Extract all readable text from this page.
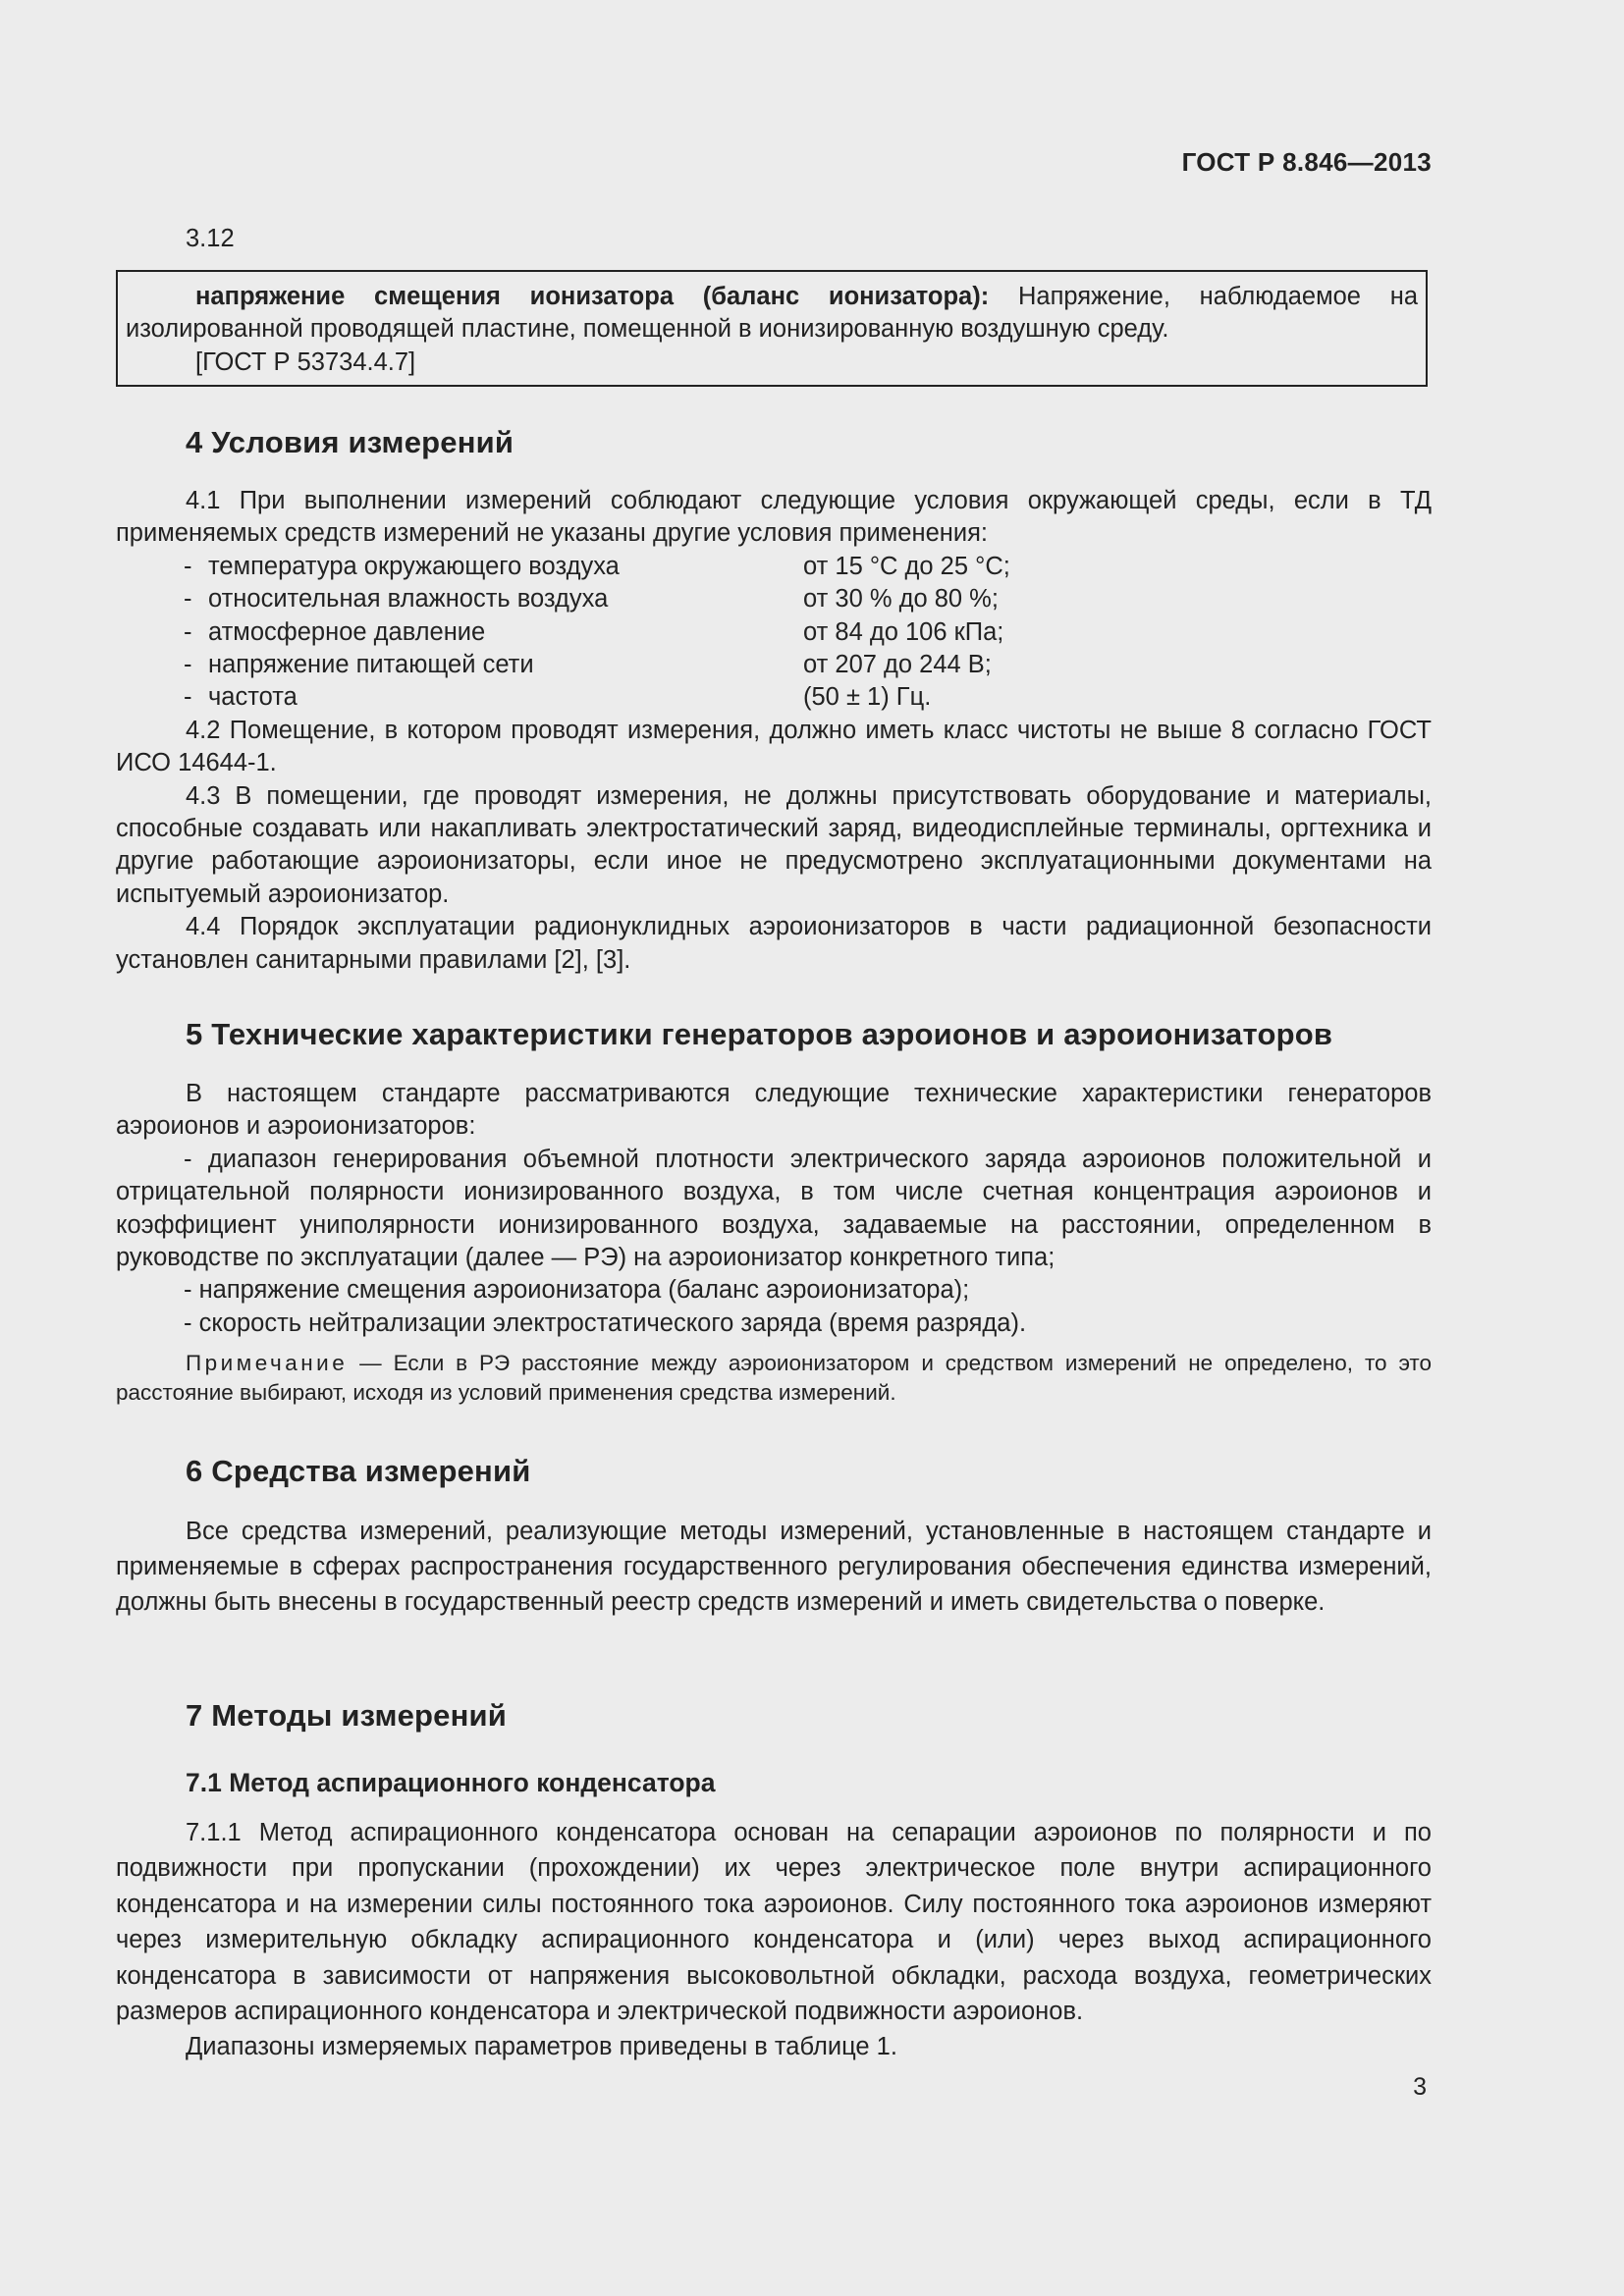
ГОСТ Р 8.846—2013
3.12

напряжение смещения ионизатора (баланс ионизатора): Напряжение, наблюдаемое на изолированной проводящей пластине, помещенной в ионизированную воздушную среду.

[ГОСТ Р 53734.4.7]
4 Условия измерений

4.1 При выполнении измерений соблюдают следующие условия окружающей среды, если в ТД применяемых средств измерений не указаны другие условия применения:

- температура окружающего воздуха	от 15 °С до 25 °С;
- относительная влажность воздуха	от 30 % до 80 %;
- атмосферное давление	от 84 до 106 кПа;
- напряжение питающей сети	от 207 до 244 В;
- частота	(50 ± 1) Гц.

4.2 Помещение, в котором проводят измерения, должно иметь класс чистоты не выше 8 согласно ГОСТ ИСО 14644-1.

4.3 В помещении, где проводят измерения, не должны присутствовать оборудование и материалы, способные создавать или накапливать электростатический заряд, видеодисплейные терминалы, оргтехника и другие работающие аэроионизаторы, если иное не предусмотрено эксплуатационными документами на испытуемый аэроионизатор.

4.4 Порядок эксплуатации радионуклидных аэроионизаторов в части радиационной безопасности установлен санитарными правилами [2], [3].

5 Технические характеристики генераторов аэроионов и аэроионизаторов

В настоящем стандарте рассматриваются следующие технические характеристики генераторов аэроионов и аэроионизаторов:

- диапазон генерирования объемной плотности электрического заряда аэроионов положительной и отрицательной полярности ионизированного воздуха, в том числе счетная концентрация аэроионов и коэффициент униполярности ионизированного воздуха, задаваемые на расстоянии, определенном в руководстве по эксплуатации (далее — РЭ) на аэроионизатор конкретного типа;

- напряжение смещения аэроионизатора (баланс аэроионизатора);

- скорость нейтрализации электростатического заряда (время разряда).

Примечание — Если в РЭ расстояние между аэроионизатором и средством измерений не определено, то это расстояние выбирают, исходя из условий применения средства измерений.

6 Средства измерений

Все средства измерений, реализующие методы измерений, установленные в настоящем стандарте и применяемые в сферах распространения государственного регулирования обеспечения единства измерений, должны быть внесены в государственный реестр средств измерений и иметь свидетельства о поверке.

7 Методы измерений
7.1 Метод аспирационного конденсатора

7.1.1 Метод аспирационного конденсатора основан на сепарации аэроионов по полярности и по подвижности при пропускании (прохождении) их через электрическое поле внутри аспирационного конденсатора и на измерении силы постоянного тока аэроионов. Силу постоянного тока аэроионов измеряют через измерительную обкладку аспирационного конденсатора и (или) через выход аспирационного конденсатора в зависимости от напряжения высоковольтной обкладки, расхода воздуха, геометрических размеров аспирационного конденсатора и электрической подвижности аэроионов.

Диапазоны измеряемых параметров приведены в таблице 1.

3
